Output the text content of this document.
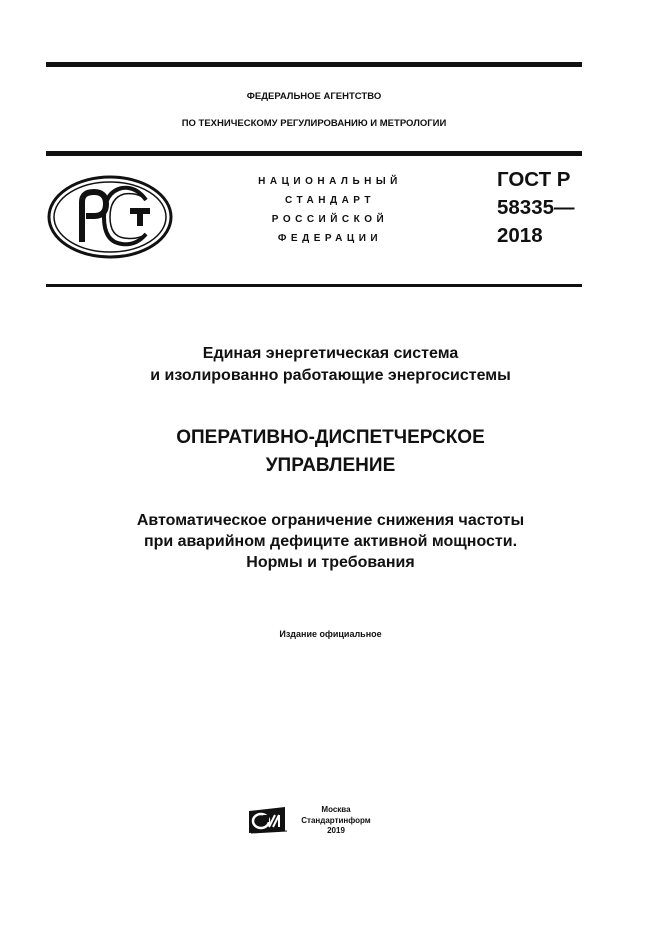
ФЕДЕРАЛЬНОЕ АГЕНТСТВО
ПО ТЕХНИЧЕСКОМУ РЕГУЛИРОВАНИЮ И МЕТРОЛОГИИ
НАЦИОНАЛЬНЫЙ
СТАНДАРТ
РОССИЙСКОЙ
ФЕДЕРАЦИИ
ГОСТ Р
58335—
2018
Единая энергетическая система
и изолированно работающие энергосистемы
ОПЕРАТИВНО-ДИСПЕТЧЕРСКОЕ
УПРАВЛЕНИЕ
Автоматическое ограничение снижения частоты
при аварийном дефиците активной мощности.
Нормы и требования
Издание официальное
Москва
Стандартинформ
2019
